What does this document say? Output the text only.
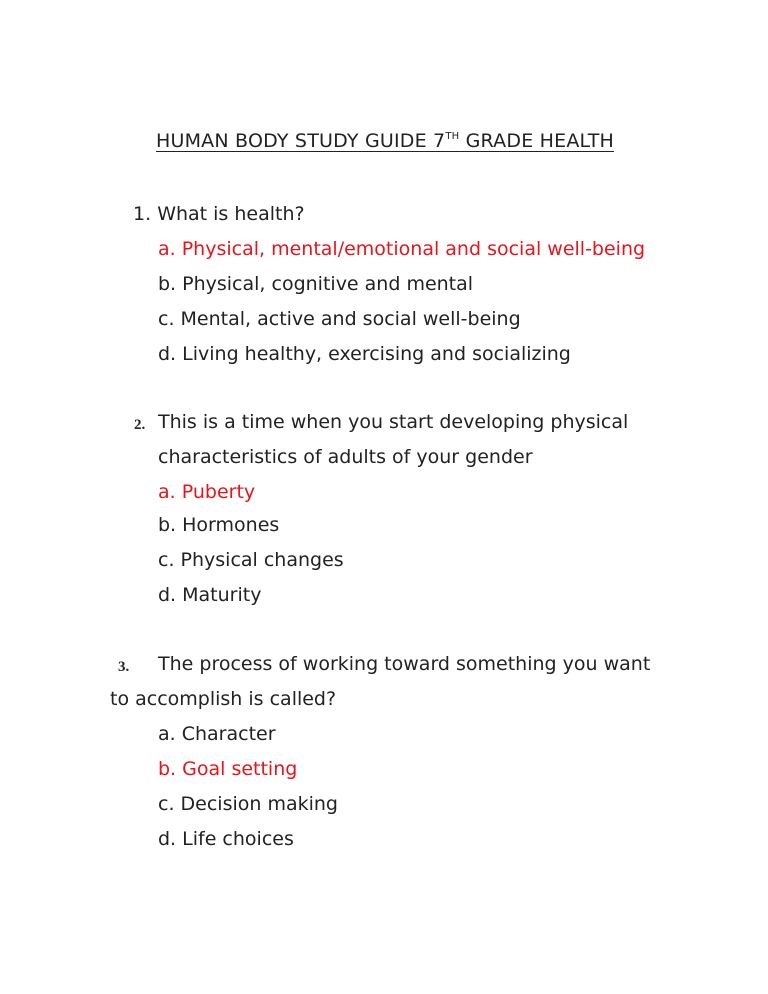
HUMAN BODY STUDY GUIDE 7TH GRADE HEALTH
1. What is health?
a. Physical, mental/emotional and social well-being
b. Physical, cognitive and mental
c. Mental, active and social well-being
d. Living healthy, exercising and socializing
2. This is a time when you start developing physical
characteristics of adults of your gender
a. Puberty
b. Hormones
c. Physical changes
d. Maturity
3. The process of working toward something you want
to accomplish is called?
a. Character
b. Goal setting
c. Decision making
d. Life choices
